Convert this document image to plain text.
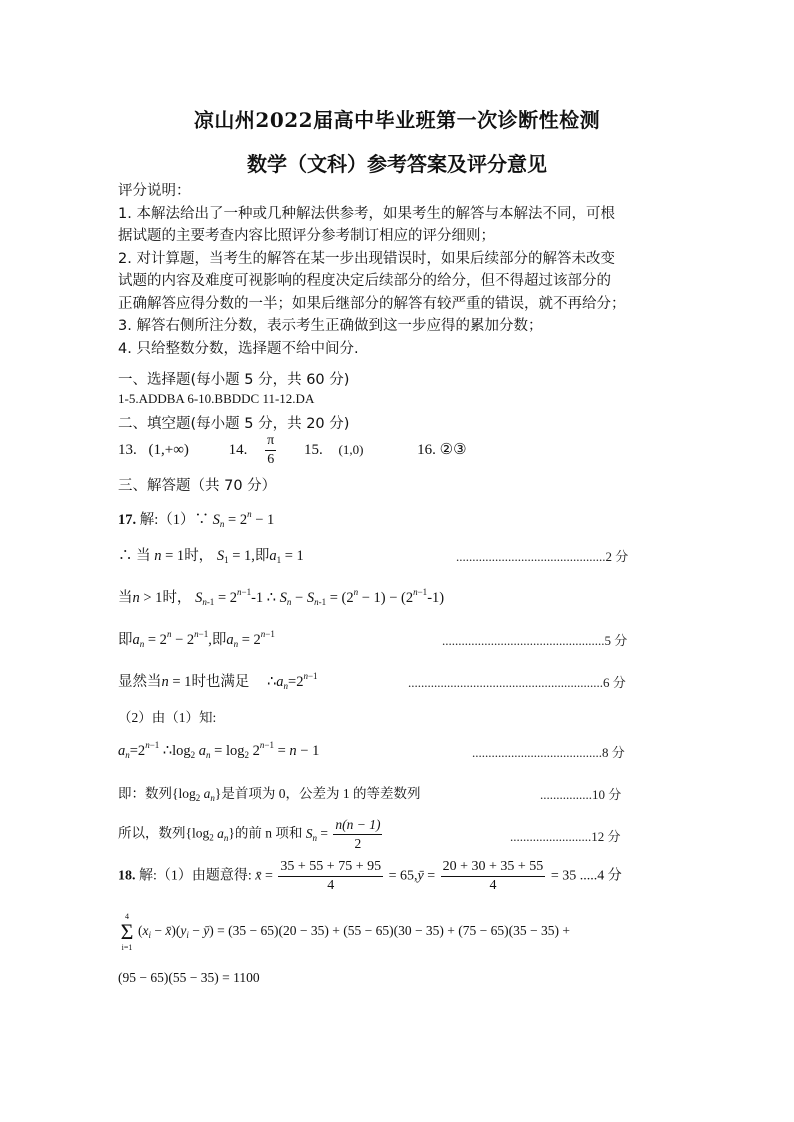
凉山州2022届高中毕业班第一次诊断性检测
数学（文科）参考答案及评分意见
评分说明：
1. 本解法给出了一种或几种解法供参考，如果考生的解答与本解法不同，可根
据试题的主要考查内容比照评分参考制订相应的评分细则；
2. 对计算题，当考生的解答在某一步出现错误时，如果后续部分的解答未改变
试题的内容及难度可视影响的程度决定后续部分的给分，但不得超过该部分的
正确解答应得分数的一半；如果后继部分的解答有较严重的错误，就不再给分；
3. 解答右侧所注分数，表示考生正确做到这一步应得的累加分数；
4. 只给整数分数，选择题不给中间分.
一、选择题(每小题 5 分，共 60 分)
1-5.ADDBA 6-10.BBDDC 11-12.DA
二、填空题(每小题 5 分，共 20 分)
13. (1,+∞)	14. $\frac{\pi}{6} 15$. (1,0)	16. ②③
三、解答题（共 70 分）
17. 解:（1）∵ $S_n = 2^n - 1$
∴ 当 n = 1时， $S_1 = 1$,即$a_1 = 1$	..............................................2 分
当n > 1时， $S_{n-1} = 2^{n-1}-1$ ∴ $S_n - S_{n-1} = (2^n - 1) - (2^{n-1}-1)$
即$a_n = 2^n - 2^{n-1}$,即$a_n = 2^{n-1}$	..................................................5 分
显然当n = 1时也满足 $\therefore a_n=2^{n-1}$	............................................................6 分
（2）由（1）知:
$a_n=2^{n-1}$ $\therefore\log_2$ $a_n = \log_2 2^{n-1} = n - 1$	........................................8 分
即：数列{$\log_2$ $a_n$}是首项为 0，公差为 1 的等差数列	................10 分
所以，数列{$\log_2$ $a_n$}的前 n 项和 $S_n = \frac{n(n - 1)}{2}$	.........................12 分
18. 解:（1）由题意得: x̄ = $\frac{35 + 55 + 75 + 95}{4}$ = 65,ȳ = $\frac{20 + 30 + 35 + 55}{4} = 35$ .....4 分
4
Σ
i=1
($x_i$ − $x̄)(y_i$ − ȳ) = (35 − 65)(20 − 35) + (55 − 65)(30 − 35) + (75 − 65)(35 − 35) +
(95 − 65)(55 − 35) = 1100
